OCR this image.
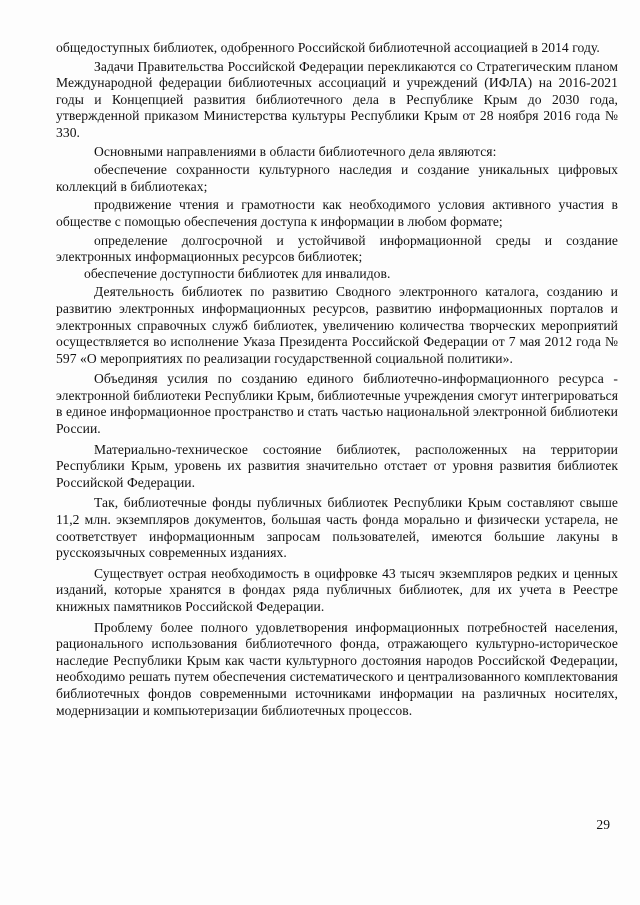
общедоступных библиотек, одобренного Российской библиотечной ассоциацией в 2014 году.

Задачи Правительства Российской Федерации перекликаются со Стратегическим планом Международной федерации библиотечных ассоциаций и учреждений (ИФЛА) на 2016-2021 годы и Концепцией развития библиотечного дела в Республике Крым до 2030 года, утвержденной приказом Министерства культуры Республики Крым от 28 ноября 2016 года № 330.

Основными направлениями в области библиотечного дела являются:

обеспечение сохранности культурного наследия и создание уникальных цифровых коллекций в библиотеках;

продвижение чтения и грамотности как необходимого условия активного участия в обществе с помощью обеспечения доступа к информации в любом формате;

определение долгосрочной и устойчивой информационной среды и создание электронных информационных ресурсов библиотек;

обеспечение доступности библиотек для инвалидов.

Деятельность библиотек по развитию Сводного электронного каталога, созданию и развитию электронных информационных ресурсов, развитию информационных порталов и электронных справочных служб библиотек, увеличению количества творческих мероприятий осуществляется во исполнение Указа Президента Российской Федерации от 7 мая 2012 года № 597 «О мероприятиях по реализации государственной социальной политики».

Объединяя усилия по созданию единого библиотечно-информационного ресурса - электронной библиотеки Республики Крым, библиотечные учреждения смогут интегрироваться в единое информационное пространство и стать частью национальной электронной библиотеки России.

Материально-техническое состояние библиотек, расположенных на территории Республики Крым, уровень их развития значительно отстает от уровня развития библиотек Российской Федерации.

Так, библиотечные фонды публичных библиотек Республики Крым составляют свыше 11,2 млн. экземпляров документов, большая часть фонда морально и физически устарела, не соответствует информационным запросам пользователей, имеются большие лакуны в русскоязычных современных изданиях.

Существует острая необходимость в оцифровке 43 тысяч экземпляров редких и ценных изданий, которые хранятся в фондах ряда публичных библиотек, для их учета в Реестре книжных памятников Российской Федерации.

Проблему более полного удовлетворения информационных потребностей населения, рационального использования библиотечного фонда, отражающего культурно-историческое наследие Республики Крым как части культурного достояния народов Российской Федерации, необходимо решать путем обеспечения систематического и централизованного комплектования библиотечных фондов современными источниками информации на различных носителях, модернизации и компьютеризации библиотечных процессов.

29
